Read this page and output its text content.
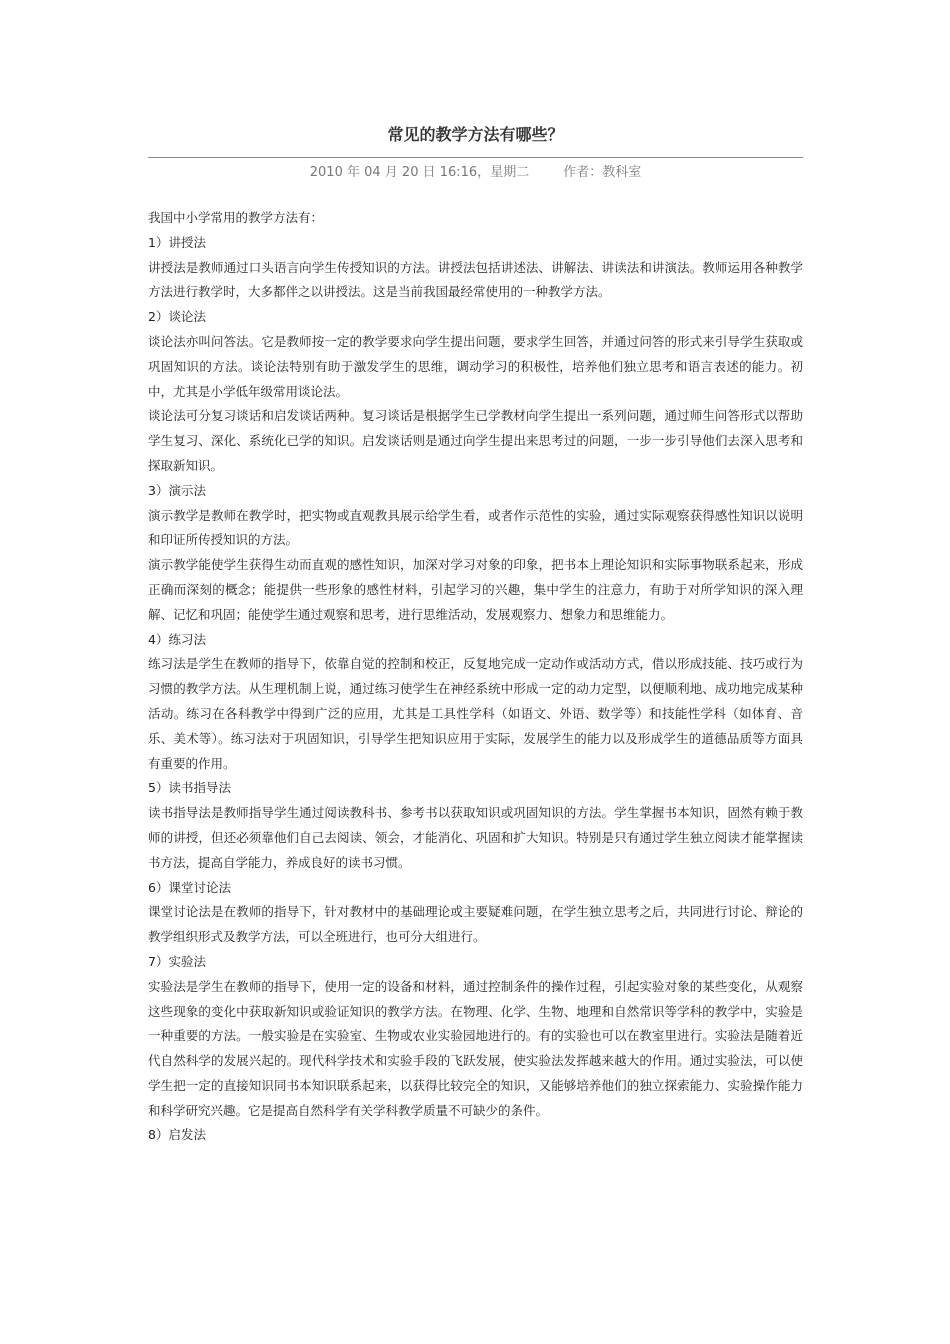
常见的教学方法有哪些？
2010 年 04 月 20 日 16:16，星期二	作者：教科室

我国中小学常用的教学方法有：

1）讲授法

讲授法是教师通过口头语言向学生传授知识的方法。讲授法包括讲述法、讲解法、讲读法和讲演法。教师运用各种教学方法进行教学时，大多都伴之以讲授法。这是当前我国最经常使用的一种教学方法。

2）谈论法

谈论法亦叫问答法。它是教师按一定的教学要求向学生提出问题，要求学生回答，并通过问答的形式来引导学生获取或巩固知识的方法。谈论法特别有助于激发学生的思维，调动学习的积极性，培养他们独立思考和语言表述的能力。初中，尤其是小学低年级常用谈论法。

谈论法可分复习谈话和启发谈话两种。复习谈话是根据学生已学教材向学生提出一系列问题，通过师生问答形式以帮助学生复习、深化、系统化已学的知识。启发谈话则是通过向学生提出来思考过的问题，一步一步引导他们去深入思考和探取新知识。

3）演示法

演示教学是教师在教学时，把实物或直观教具展示给学生看，或者作示范性的实验，通过实际观察获得感性知识以说明和印证所传授知识的方法。

演示教学能使学生获得生动而直观的感性知识，加深对学习对象的印象，把书本上理论知识和实际事物联系起来，形成正确而深刻的概念；能提供一些形象的感性材料，引起学习的兴趣，集中学生的注意力，有助于对所学知识的深入理解、记忆和巩固；能使学生通过观察和思考，进行思维活动，发展观察力、想象力和思维能力。

4）练习法

练习法是学生在教师的指导下，依靠自觉的控制和校正，反复地完成一定动作或活动方式，借以形成技能、技巧或行为习惯的教学方法。从生理机制上说，通过练习使学生在神经系统中形成一定的动力定型，以便顺利地、成功地完成某种活动。练习在各科教学中得到广泛的应用，尤其是工具性学科（如语文、外语、数学等）和技能性学科（如体育、音乐、美术等）。练习法对于巩固知识，引导学生把知识应用于实际，发展学生的能力以及形成学生的道德品质等方面具有重要的作用。

5）读书指导法

读书指导法是教师指导学生通过阅读教科书、参考书以获取知识或巩固知识的方法。学生掌握书本知识，固然有赖于教师的讲授，但还必须靠他们自己去阅读、领会，才能消化、巩固和扩大知识。特别是只有通过学生独立阅读才能掌握读书方法，提高自学能力，养成良好的读书习惯。

6）课堂讨论法

课堂讨论法是在教师的指导下，针对教材中的基础理论或主要疑难问题，在学生独立思考之后，共同进行讨论、辩论的教学组织形式及教学方法，可以全班进行，也可分大组进行。

7）实验法

实验法是学生在教师的指导下，使用一定的设备和材料，通过控制条件的操作过程，引起实验对象的某些变化，从观察这些现象的变化中获取新知识或验证知识的教学方法。在物理、化学、生物、地理和自然常识等学科的教学中，实验是一种重要的方法。一般实验是在实验室、生物或农业实验园地进行的。有的实验也可以在教室里进行。实验法是随着近代自然科学的发展兴起的。现代科学技术和实验手段的飞跃发展，使实验法发挥越来越大的作用。通过实验法，可以使学生把一定的直接知识同书本知识联系起来，以获得比较完全的知识，又能够培养他们的独立探索能力、实验操作能力和科学研究兴趣。它是提高自然科学有关学科教学质量不可缺少的条件。

8）启发法
